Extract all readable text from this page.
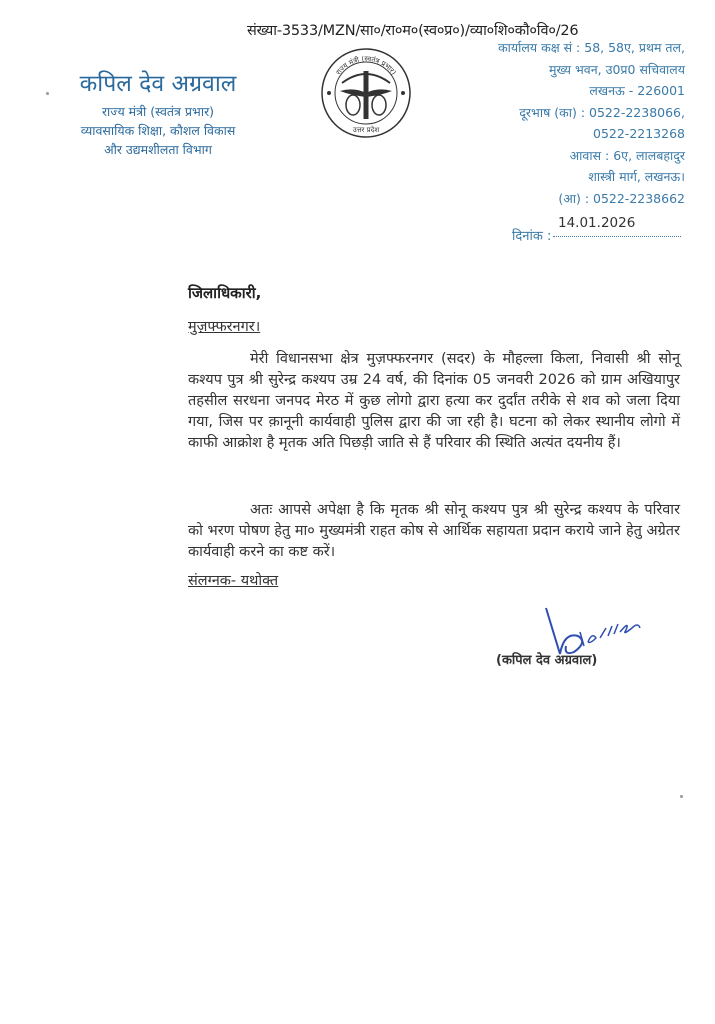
संख्या-3533/MZN/सा०/रा०म०(स्व०प्र०)/व्या०शि०कौ०वि०/26
कपिल देव अग्रवाल
राज्य मंत्री (स्वतंत्र प्रभार)
व्यावसायिक शिक्षा, कौशल विकास
और उद्यमशीलता विभाग
उत्तर प्रदेश
राज्य मंत्री (स्वतंत्र प्रभार)
कार्यालय कक्ष सं : 58, 58ए, प्रथम तल,
मुख्य भवन, उ0प्र0 सचिवालय
लखनऊ - 226001
दूरभाष (का) : 0522-2238066,
0522-2213268
आवास : 6ए, लालबहादुर
शास्त्री मार्ग, लखनऊ।
(आ) : 0522-2238662
दिनांक :
14.01.2026
जिलाधिकारी,
मुज़फ्फरनगर।
मेरी विधानसभा क्षेत्र मुज़फ्फरनगर (सदर) के मौहल्ला किला, निवासी श्री सोनू कश्यप पुत्र श्री सुरेन्द्र कश्यप उम्र 24 वर्ष, की दिनांक 05 जनवरी 2026 को ग्राम अखियापुर तहसील सरधना जनपद मेरठ में कुछ लोगो द्वारा हत्या कर दुर्दांत तरीके से शव को जला दिया गया, जिस पर क़ानूनी कार्यवाही पुलिस द्वारा की जा रही है। घटना को लेकर स्थानीय लोगो में काफी आक्रोश है मृतक अति पिछड़ी जाति से हैं परिवार की स्थिति अत्यंत दयनीय हैं।
अतः आपसे अपेक्षा है कि मृतक श्री सोनू कश्यप पुत्र श्री सुरेन्द्र कश्यप के परिवार को भरण पोषण हेतु मा० मुख्यमंत्री राहत कोष से आर्थिक सहायता प्रदान कराये जाने हेतु अग्रेतर कार्यवाही करने का कष्ट करें।
संलग्नक- यथोक्त
(कपिल देव अग्रवाल)
